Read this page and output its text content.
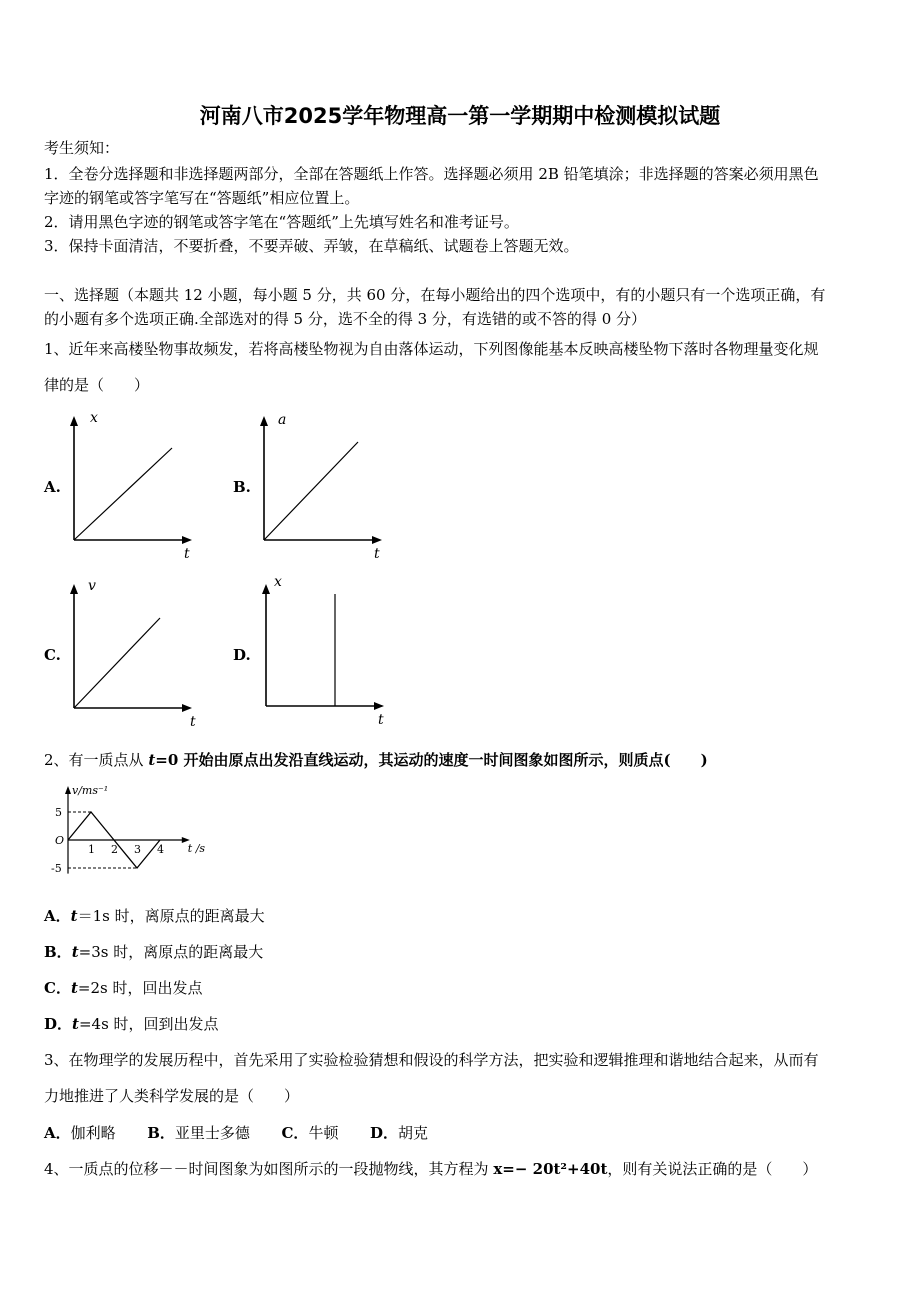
河南八市2025学年物理高一第一学期期中检测模拟试题
考生须知：
1．全卷分选择题和非选择题两部分，全部在答题纸上作答。选择题必须用 2B 铅笔填涂；非选择题的答案必须用黑色
字迹的钢笔或答字笔写在“答题纸”相应位置上。
2．请用黑色字迹的钢笔或答字笔在“答题纸”上先填写姓名和准考证号。
3．保持卡面清洁，不要折叠，不要弄破、弄皱，在草稿纸、试题卷上答题无效。
一、选择题（本题共 12 小题，每小题 5 分，共 60 分，在每小题给出的四个选项中，有的小题只有一个选项正确，有
的小题有多个选项正确.全部选对的得 5 分，选不全的得 3 分，有选错的或不答的得 0 分）
1、近年来高楼坠物事故频发，若将高楼坠物视为自由落体运动，下列图像能基本反映高楼坠物下落时各物理量变化规
律的是（　　）
A.
x
t
B.
a
t
C.
v
t
D.
x
t
2、有一质点从 t=0 开始由原点出发沿直线运动，其运动的速度一时间图象如图所示，则质点(　　)
v/ms⁻¹
t /s
O
5
-5
1 2 3 4
A．t＝1s 时，离原点的距离最大
B．t=3s 时，离原点的距离最大
C．t=2s 时，回出发点
D．t=4s 时，回到出发点
3、在物理学的发展历程中，首先采用了实验检验猜想和假设的科学方法，把实验和逻辑推理和谐地结合起来，从而有
力地推进了人类科学发展的是（　　）
A．伽利略 B．亚里士多德 C．牛顿 D．胡克
4、一质点的位移－－时间图象为如图所示的一段抛物线，其方程为 x=− 20t²+40t，则有关说法正确的是（　　）
